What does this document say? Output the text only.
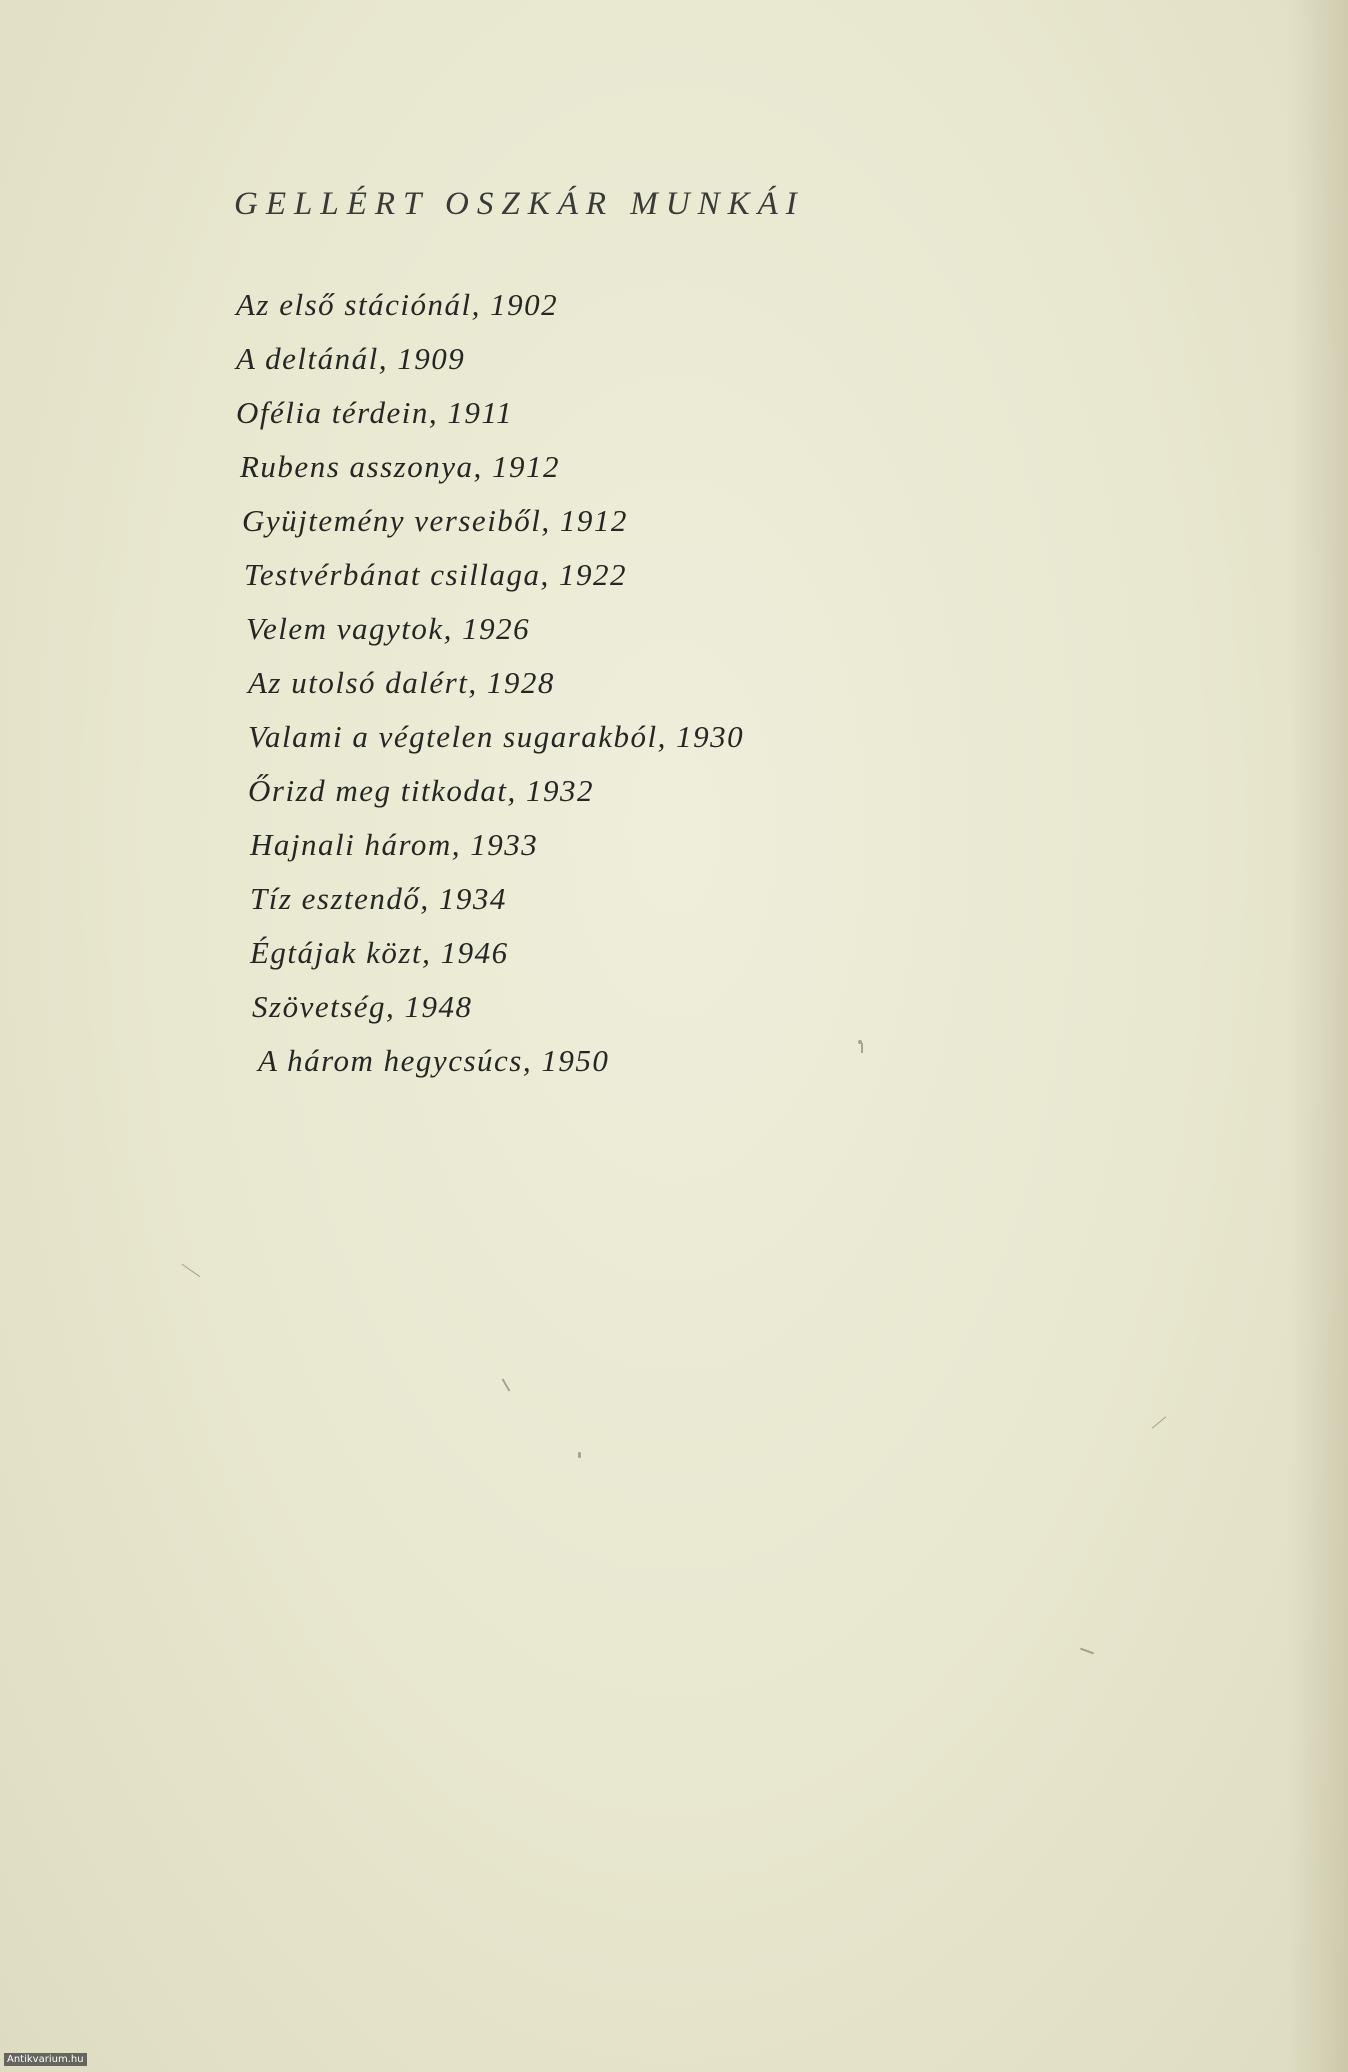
GELLÉRT OSZKÁR MUNKÁI
Az első stációnál, 1902
A deltánál, 1909
Ofélia térdein, 1911
Rubens asszonya, 1912
Gyüjtemény verseiből, 1912
Testvérbánat csillaga, 1922
Velem vagytok, 1926
Az utolsó dalért, 1928
Valami a végtelen sugarakból, 1930
Őrizd meg titkodat, 1932
Hajnali három, 1933
Tíz esztendő, 1934
Égtájak közt, 1946
Szövetség, 1948
A három hegycsúcs, 1950
Antikvarium.hu
